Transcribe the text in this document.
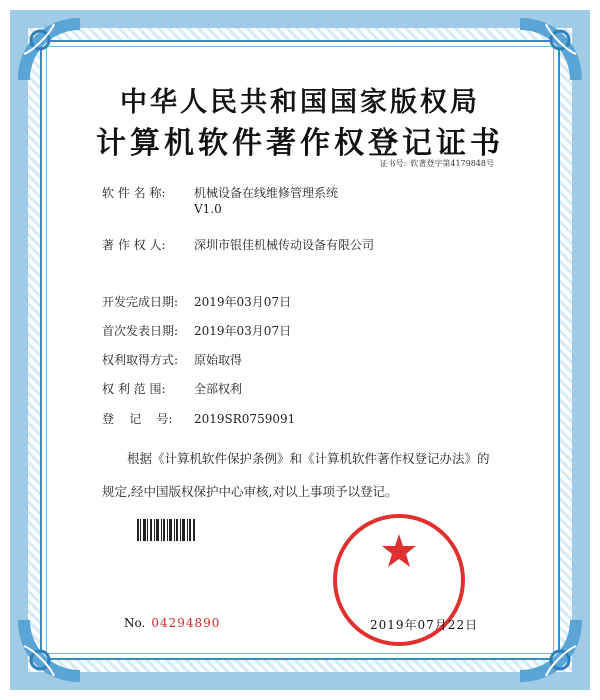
中华人民共和国国家版权局
计算机软件著作权登记证书
证书号: 软著登字第4179848号
软 件 名 称: 机械设备在线维修管理系统
V1.0
著 作 权 人: 深圳市银佳机械传动设备有限公司
开发完成日期: 2019年03月07日
首次发表日期: 2019年03月07日
权利取得方式: 原始取得
权 利 范 围: 全部权利
登    记    号: 2019SR0759091

根据《计算机软件保护条例》和《计算机软件著作权登记办法》的

规定,经中国版权保护中心审核,对以上事项予以登记。

No. 04294890	2019年07月22日
